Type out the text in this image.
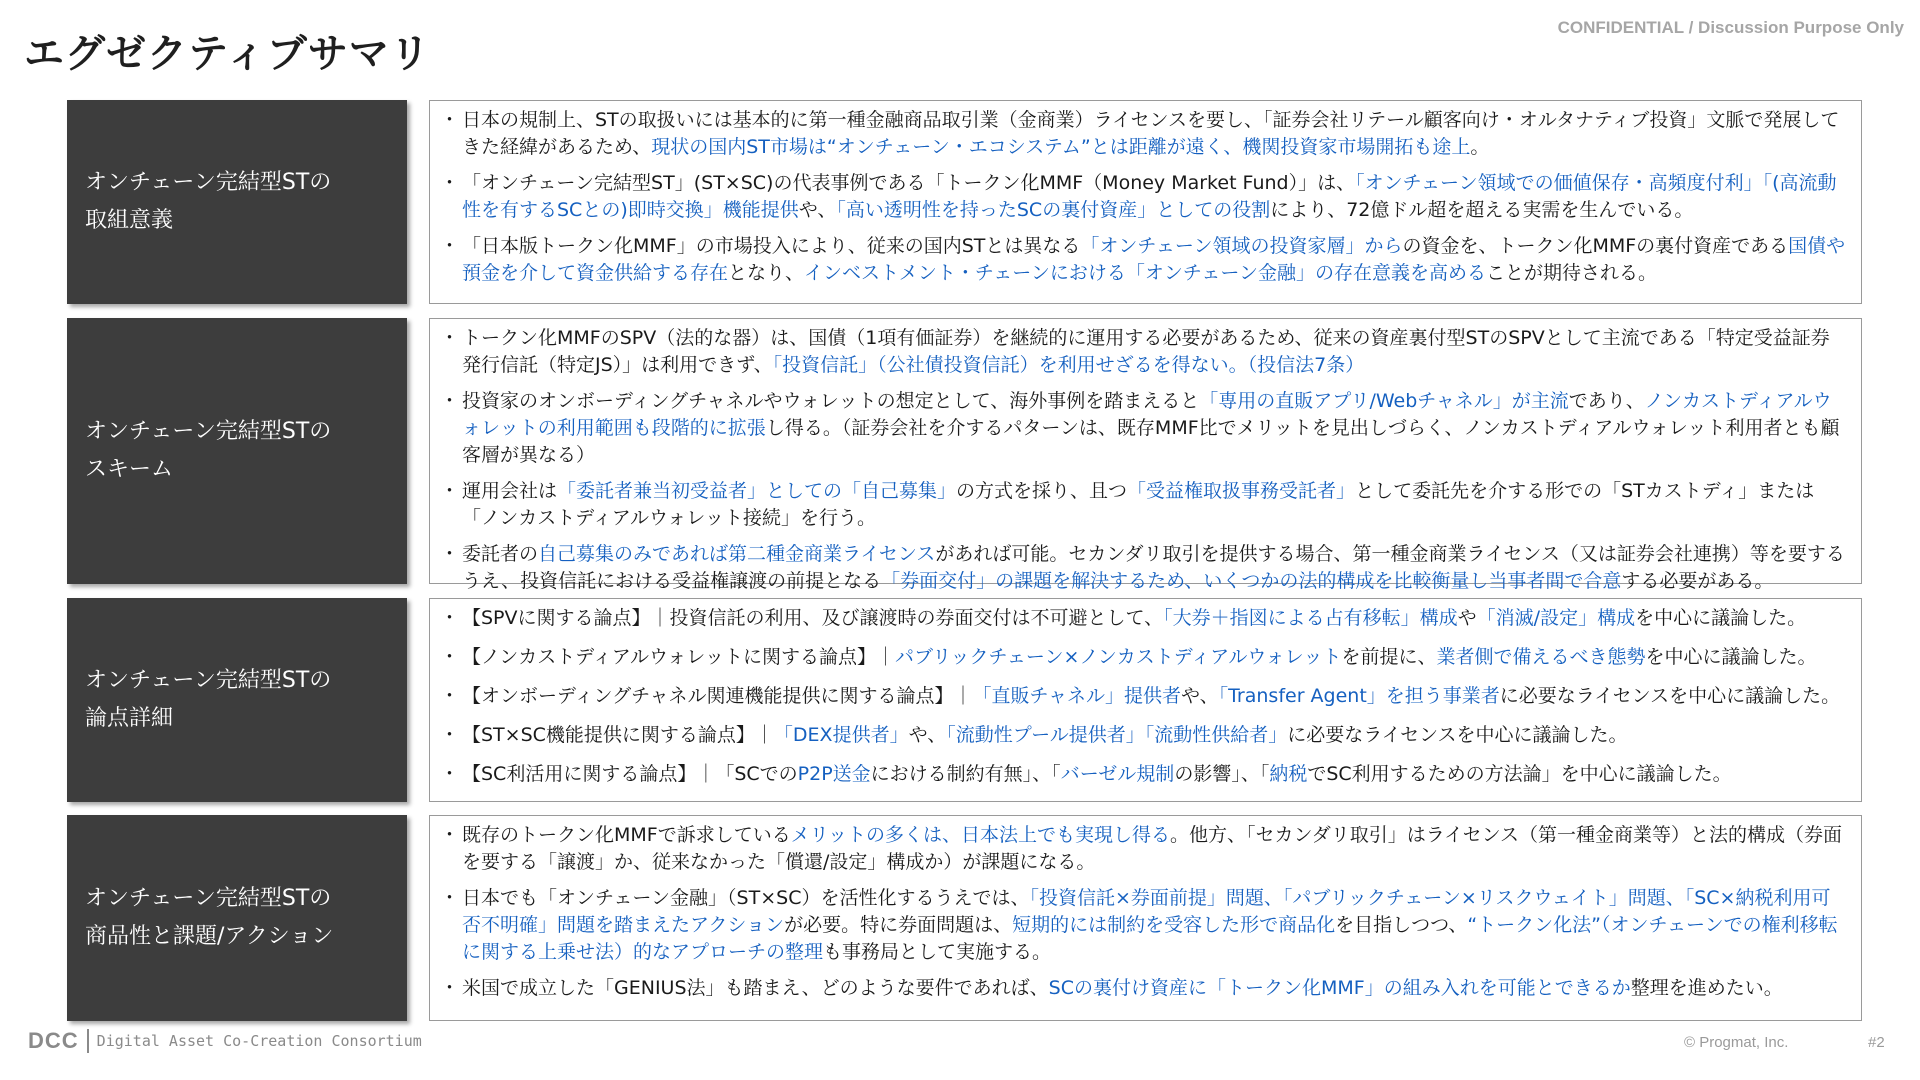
エグゼクティブサマリ
CONFIDENTIAL / Discussion Purpose Only
オンチェーン完結型STの
取組意義
・ 日本の規制上、STの取扱いには基本的に第一種金融商品取引業（金商業）ライセンスを要し、「証券会社リテール顧客向け・オルタナティブ投資」文脈で発展してきた経緯があるため、現状の国内ST市場は“オンチェーン・エコシステム”とは距離が遠く、機関投資家市場開拓も途上。
・ 「オンチェーン完結型ST」(ST×SC)の代表事例である「トークン化MMF（Money Market Fund）」は、「オンチェーン領域での価値保存・高頻度付利」「(高流動性を有するSCとの)即時交換」機能提供や、「高い透明性を持ったSCの裏付資産」としての役割により、72億ドル超を超える実需を生んでいる。
・ 「日本版トークン化MMF」の市場投入により、従来の国内STとは異なる「オンチェーン領域の投資家層」からの資金を、トークン化MMFの裏付資産である国債や預金を介して資金供給する存在となり、インベストメント・チェーンにおける「オンチェーン金融」の存在意義を高めることが期待される。
オンチェーン完結型STの
スキーム
・ トークン化MMFのSPV（法的な器）は、国債（1項有価証券）を継続的に運用する必要があるため、従来の資産裏付型STのSPVとして主流である「特定受益証券発行信託（特定JS）」は利用できず、「投資信託」（公社債投資信託）を利用せざるを得ない。（投信法7条）
・ 投資家のオンボーディングチャネルやウォレットの想定として、海外事例を踏まえると「専用の直販アプリ/Webチャネル」が主流であり、ノンカストディアルウォレットの利用範囲も段階的に拡張し得る。（証券会社を介するパターンは、既存MMF比でメリットを見出しづらく、ノンカストディアルウォレット利用者とも顧客層が異なる）
・ 運用会社は「委託者兼当初受益者」としての「自己募集」の方式を採り、且つ「受益権取扱事務受託者」として委託先を介する形での「STカストディ」または「ノンカストディアルウォレット接続」を行う。
・ 委託者の自己募集のみであれば第二種金商業ライセンスがあれば可能。セカンダリ取引を提供する場合、第一種金商業ライセンス（又は証券会社連携）等を要するうえ、投資信託における受益権譲渡の前提となる「券面交付」の課題を解決するため、いくつかの法的構成を比較衡量し当事者間で合意する必要がある。
オンチェーン完結型STの
論点詳細
・ 【SPVに関する論点】｜投資信託の利用、及び譲渡時の券面交付は不可避として、「大券＋指図による占有移転」構成や「消滅/設定」構成を中心に議論した。
・ 【ノンカストディアルウォレットに関する論点】｜パブリックチェーン×ノンカストディアルウォレットを前提に、業者側で備えるべき態勢を中心に議論した。
・ 【オンボーディングチャネル関連機能提供に関する論点】｜「直販チャネル」提供者や、「Transfer Agent」を担う事業者に必要なライセンスを中心に議論した。
・ 【ST×SC機能提供に関する論点】｜「DEX提供者」や、「流動性プール提供者」「流動性供給者」に必要なライセンスを中心に議論した。
・ 【SC利活用に関する論点】｜「SCでのP2P送金における制約有無」、「バーゼル規制の影響」、「納税でSC利用するための方法論」を中心に議論した。
オンチェーン完結型STの
商品性と課題/アクション
・ 既存のトークン化MMFで訴求しているメリットの多くは、日本法上でも実現し得る。他方、「セカンダリ取引」はライセンス（第一種金商業等）と法的構成（券面を要する「譲渡」か、従来なかった「償還/設定」構成か）が課題になる。
・ 日本でも「オンチェーン金融」（ST×SC）を活性化するうえでは、「投資信託×券面前提」問題、「パブリックチェーン×リスクウェイト」問題、「SC×納税利用可否不明確」問題を踏まえたアクションが必要。特に券面問題は、短期的には制約を受容した形で商品化を目指しつつ、“トークン化法”（オンチェーンでの権利移転に関する上乗せ法）的なアプローチの整理も事務局として実施する。
・ 米国で成立した「GENIUS法」も踏まえ、どのような要件であれば、SCの裏付け資産に「トークン化MMF」の組み入れを可能とできるか整理を進めたい。
DCC Digital Asset Co-Creation Consortium	© Progmat, Inc.	#2
